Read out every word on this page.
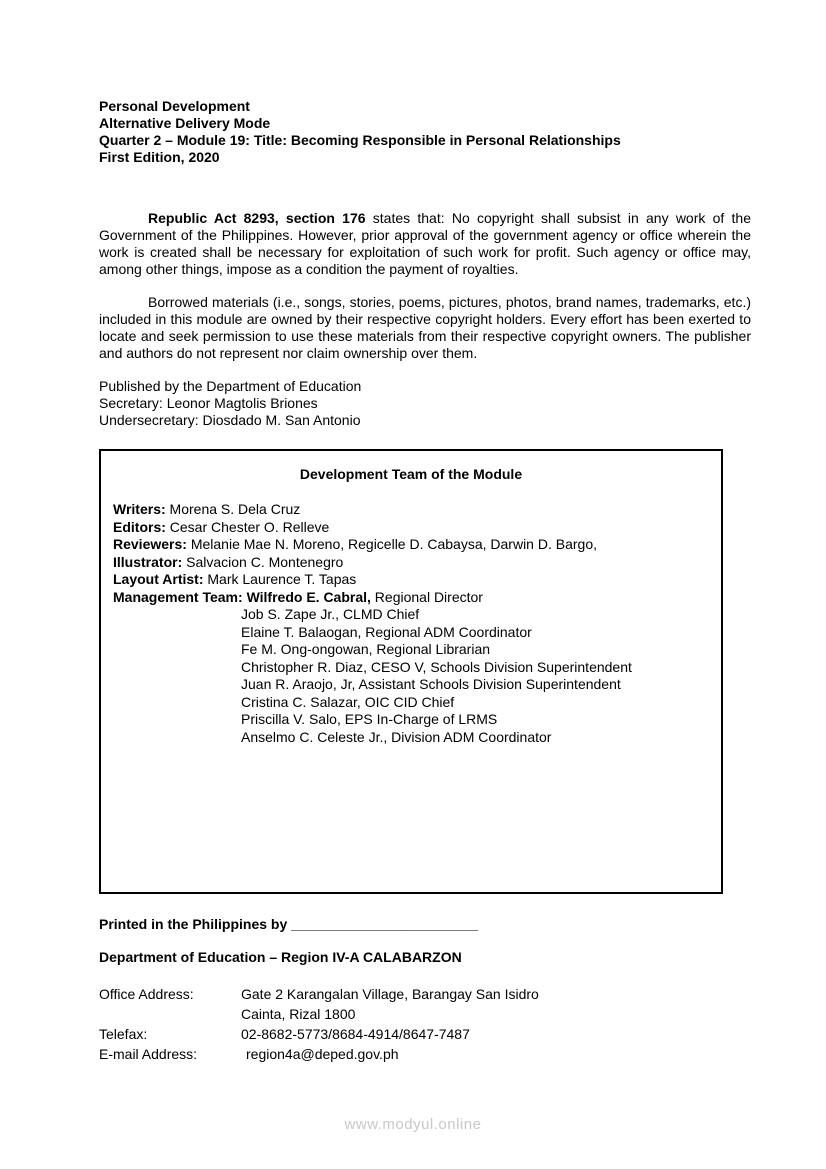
Personal Development
Alternative Delivery Mode
Quarter 2 – Module 19: Title: Becoming Responsible in Personal Relationships
First Edition, 2020

Republic Act 8293, section 176 states that: No copyright shall subsist in any work of the Government of the Philippines. However, prior approval of the government agency or office wherein the work is created shall be necessary for exploitation of such work for profit. Such agency or office may, among other things, impose as a condition the payment of royalties.

Borrowed materials (i.e., songs, stories, poems, pictures, photos, brand names, trademarks, etc.) included in this module are owned by their respective copyright holders. Every effort has been exerted to locate and seek permission to use these materials from their respective copyright owners. The publisher and authors do not represent nor claim ownership over them.

Published by the Department of Education
Secretary: Leonor Magtolis Briones
Undersecretary: Diosdado M. San Antonio
Development Team of the Module
Writers: Morena S. Dela Cruz
Editors: Cesar Chester O. Relleve
Reviewers: Melanie Mae N. Moreno, Regicelle D. Cabaysa, Darwin D. Bargo,
Illustrator: Salvacion C. Montenegro
Layout Artist: Mark Laurence T. Tapas
Management Team: Wilfredo E. Cabral, Regional Director
Job S. Zape Jr., CLMD Chief
Elaine T. Balaogan, Regional ADM Coordinator
Fe M. Ong-ongowan, Regional Librarian
Christopher R. Diaz, CESO V, Schools Division Superintendent
Juan R. Araojo, Jr, Assistant Schools Division Superintendent
Cristina C. Salazar, OIC CID Chief
Priscilla V. Salo, EPS In-Charge of LRMS
Anselmo C. Celeste Jr., Division ADM Coordinator

Printed in the Philippines by ________________________

Department of Education – Region IV-A CALABARZON

Office Address:	Gate 2 Karangalan Village, Barangay San Isidro
Cainta, Rizal 1800
Telefax:	02-8682-5773/8684-4914/8647-7487
E-mail Address:	region4a@deped.gov.ph
www.modyul.online
